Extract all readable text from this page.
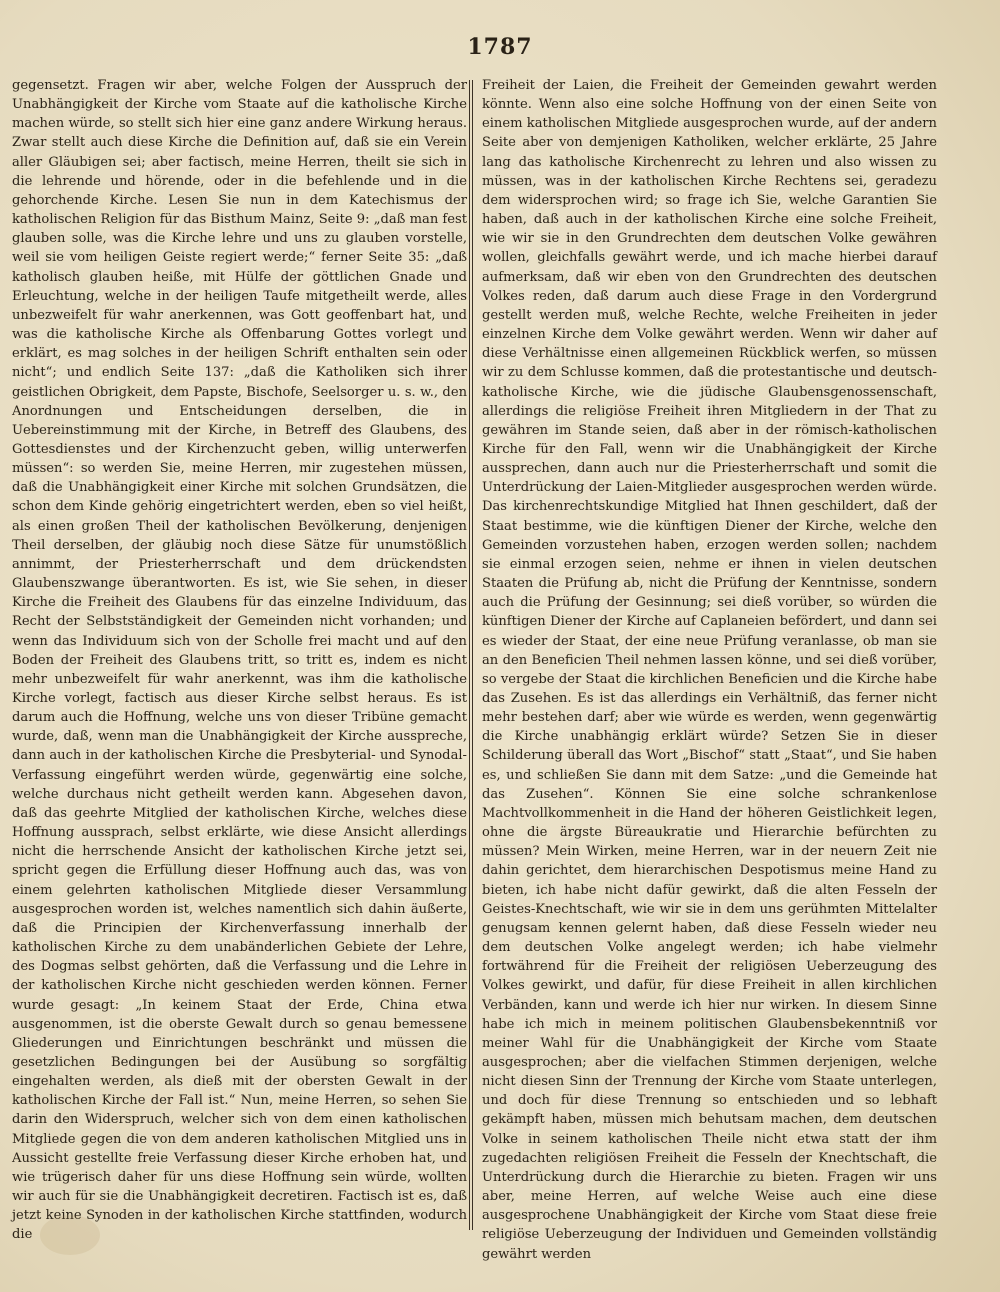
1787

gegensetzt. Fragen wir aber, welche Folgen der Ausspruch der Unabhängigkeit der Kirche vom Staate auf die katholische Kirche machen würde, so stellt sich hier eine ganz andere Wirkung heraus. Zwar stellt auch diese Kirche die Definition auf, daß sie ein Verein aller Gläubigen sei; aber factisch, meine Herren, theilt sie sich in die lehrende und hörende, oder in die befehlende und in die gehorchende Kirche. Lesen Sie nun in dem Katechismus der katholischen Religion für das Bisthum Mainz, Seite 9: „daß man fest glauben solle, was die Kirche lehre und uns zu glauben vorstelle, weil sie vom heiligen Geiste regiert werde;“ ferner Seite 35: „daß katholisch glauben heiße, mit Hülfe der göttlichen Gnade und Erleuchtung, welche in der heiligen Taufe mitgetheilt werde, alles unbezweifelt für wahr anerkennen, was Gott geoffenbart hat, und was die katholische Kirche als Offenbarung Gottes vorlegt und erklärt, es mag solches in der heiligen Schrift enthalten sein oder nicht“; und endlich Seite 137: „daß die Katholiken sich ihrer geistlichen Obrigkeit, dem Papste, Bischofe, Seelsorger u. s. w., den Anordnungen und Entscheidungen derselben, die in Uebereinstimmung mit der Kirche, in Betreff des Glaubens, des Gottesdienstes und der Kirchenzucht geben, willig unterwerfen müssen“: so werden Sie, meine Herren, mir zugestehen müssen, daß die Unabhängigkeit einer Kirche mit solchen Grundsätzen, die schon dem Kinde gehörig eingetrichtert werden, eben so viel heißt, als einen großen Theil der katholischen Bevölkerung, denjenigen Theil derselben, der gläubig noch diese Sätze für unumstößlich annimmt, der Priesterherrschaft und dem drückendsten Glaubenszwange überantworten. Es ist, wie Sie sehen, in dieser Kirche die Freiheit des Glaubens für das einzelne Individuum, das Recht der Selbstständigkeit der Gemeinden nicht vorhanden; und wenn das Individuum sich von der Scholle frei macht und auf den Boden der Freiheit des Glaubens tritt, so tritt es, indem es nicht mehr unbezweifelt für wahr anerkennt, was ihm die katholische Kirche vorlegt, factisch aus dieser Kirche selbst heraus. Es ist darum auch die Hoffnung, welche uns von dieser Tribüne gemacht wurde, daß, wenn man die Unabhängigkeit der Kirche ausspreche, dann auch in der katholischen Kirche die Presbyterial- und Synodal-Verfassung eingeführt werden würde, gegenwärtig eine solche, welche durchaus nicht getheilt werden kann. Abgesehen davon, daß das geehrte Mitglied der katholischen Kirche, welches diese Hoffnung aussprach, selbst erklärte, wie diese Ansicht allerdings nicht die herrschende Ansicht der katholischen Kirche jetzt sei, spricht gegen die Erfüllung dieser Hoffnung auch das, was von einem gelehrten katholischen Mitgliede dieser Versammlung ausgesprochen worden ist, welches namentlich sich dahin äußerte, daß die Principien der Kirchenverfassung innerhalb der katholischen Kirche zu dem unabänderlichen Gebiete der Lehre, des Dogmas selbst gehörten, daß die Verfassung und die Lehre in der katholischen Kirche nicht geschieden werden können. Ferner wurde gesagt: „In keinem Staat der Erde, China etwa ausgenommen, ist die oberste Gewalt durch so genau bemessene Gliederungen und Einrichtungen beschränkt und müssen die gesetzlichen Bedingungen bei der Ausübung so sorgfältig eingehalten werden, als dieß mit der obersten Gewalt in der katholischen Kirche der Fall ist.“ Nun, meine Herren, so sehen Sie darin den Widerspruch, welcher sich von dem einen katholischen Mitgliede gegen die von dem anderen katholischen Mitglied uns in Aussicht gestellte freie Verfassung dieser Kirche erhoben hat, und wie trügerisch daher für uns diese Hoffnung sein würde, wollten wir auch für sie die Unabhängigkeit decretiren. Factisch ist es, daß jetzt keine Synoden in der katholischen Kirche stattfinden, wodurch die

Freiheit der Laien, die Freiheit der Gemeinden gewahrt werden könnte. Wenn also eine solche Hoffnung von der einen Seite von einem katholischen Mitgliede ausgesprochen wurde, auf der andern Seite aber von demjenigen Katholiken, welcher erklärte, 25 Jahre lang das katholische Kirchenrecht zu lehren und also wissen zu müssen, was in der katholischen Kirche Rechtens sei, geradezu dem widersprochen wird; so frage ich Sie, welche Garantien Sie haben, daß auch in der katholischen Kirche eine solche Freiheit, wie wir sie in den Grundrechten dem deutschen Volke gewähren wollen, gleichfalls gewährt werde, und ich mache hierbei darauf aufmerksam, daß wir eben von den Grundrechten des deutschen Volkes reden, daß darum auch diese Frage in den Vordergrund gestellt werden muß, welche Rechte, welche Freiheiten in jeder einzelnen Kirche dem Volke gewährt werden. Wenn wir daher auf diese Verhältnisse einen allgemeinen Rückblick werfen, so müssen wir zu dem Schlusse kommen, daß die protestantische und deutsch-katholische Kirche, wie die jüdische Glaubensgenossenschaft, allerdings die religiöse Freiheit ihren Mitgliedern in der That zu gewähren im Stande seien, daß aber in der römisch-katholischen Kirche für den Fall, wenn wir die Unabhängigkeit der Kirche aussprechen, dann auch nur die Priesterherrschaft und somit die Unterdrückung der Laien-Mitglieder ausgesprochen werden würde. Das kirchenrechtskundige Mitglied hat Ihnen geschildert, daß der Staat bestimme, wie die künftigen Diener der Kirche, welche den Gemeinden vorzustehen haben, erzogen werden sollen; nachdem sie einmal erzogen seien, nehme er ihnen in vielen deutschen Staaten die Prüfung ab, nicht die Prüfung der Kenntnisse, sondern auch die Prüfung der Gesinnung; sei dieß vorüber, so würden die künftigen Diener der Kirche auf Caplaneien befördert, und dann sei es wieder der Staat, der eine neue Prüfung veranlasse, ob man sie an den Beneficien Theil nehmen lassen könne, und sei dieß vorüber, so vergebe der Staat die kirchlichen Beneficien und die Kirche habe das Zusehen. Es ist das allerdings ein Verhältniß, das ferner nicht mehr bestehen darf; aber wie würde es werden, wenn gegenwärtig die Kirche unabhängig erklärt würde? Setzen Sie in dieser Schilderung überall das Wort „Bischof“ statt „Staat“, und Sie haben es, und schließen Sie dann mit dem Satze: „und die Gemeinde hat das Zusehen“. Können Sie eine solche schrankenlose Machtvollkommenheit in die Hand der höheren Geistlichkeit legen, ohne die ärgste Büreaukratie und Hierarchie befürchten zu müssen? Mein Wirken, meine Herren, war in der neuern Zeit nie dahin gerichtet, dem hierarchischen Despotismus meine Hand zu bieten, ich habe nicht dafür gewirkt, daß die alten Fesseln der Geistes-Knechtschaft, wie wir sie in dem uns gerühmten Mittelalter genugsam kennen gelernt haben, daß diese Fesseln wieder neu dem deutschen Volke angelegt werden; ich habe vielmehr fortwährend für die Freiheit der religiösen Ueberzeugung des Volkes gewirkt, und dafür, für diese Freiheit in allen kirchlichen Verbänden, kann und werde ich hier nur wirken. In diesem Sinne habe ich mich in meinem politischen Glaubensbekenntniß vor meiner Wahl für die Unabhängigkeit der Kirche vom Staate ausgesprochen; aber die vielfachen Stimmen derjenigen, welche nicht diesen Sinn der Trennung der Kirche vom Staate unterlegen, und doch für diese Trennung so entschieden und so lebhaft gekämpft haben, müssen mich behutsam machen, dem deutschen Volke in seinem katholischen Theile nicht etwa statt der ihm zugedachten religiösen Freiheit die Fesseln der Knechtschaft, die Unterdrückung durch die Hierarchie zu bieten. Fragen wir uns aber, meine Herren, auf welche Weise auch eine diese ausgesprochene Unabhängigkeit der Kirche vom Staat diese freie religiöse Ueberzeugung der Individuen und Gemeinden vollständig gewährt werden
